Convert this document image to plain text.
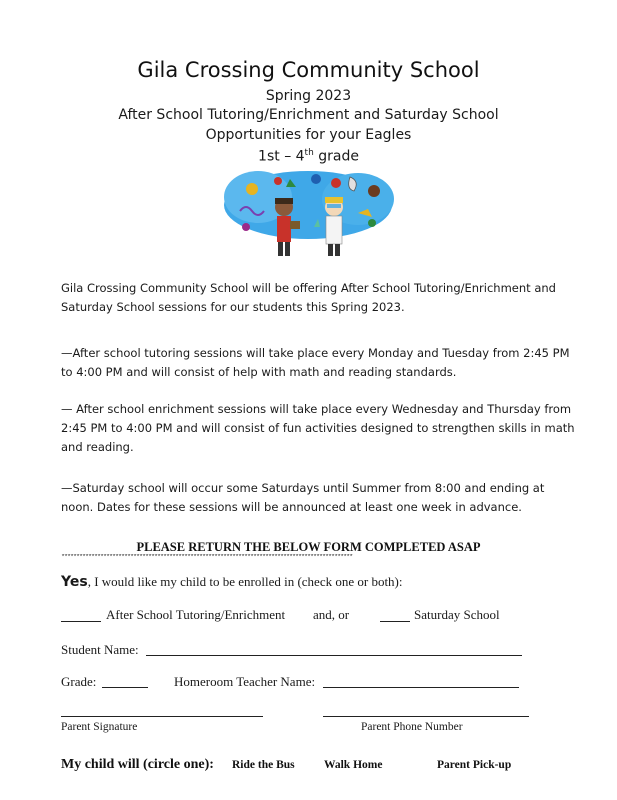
Gila Crossing Community School
Spring 2023
After School Tutoring/Enrichment and Saturday School
Opportunities for your Eagles
1st – 4th grade
Gila Crossing Community School will be offering After School Tutoring/Enrichment and Saturday School sessions for our students this Spring 2023.
—After school tutoring sessions will take place every Monday and Tuesday from 2:45 PM to 4:00 PM and will consist of help with math and reading standards.
— After school enrichment sessions will take place every Wednesday and Thursday from 2:45 PM to 4:00 PM and will consist of fun activities designed to strengthen skills in math and reading.
—Saturday school will occur some Saturdays until Summer from 8:00 and ending at noon. Dates for these sessions will be announced at least one week in advance.
PLEASE RETURN THE BELOW FORM COMPLETED ASAP
*************************************************************************************************
Yes, I would like my child to be enrolled in (check one or both):
After School Tutoring/Enrichment and, or	Saturday School
Student Name:
Grade:	Homeroom Teacher Name:
Parent Signature	Parent Phone Number
My child will (circle one): Ride the Bus	Walk Home	Parent Pick-up
